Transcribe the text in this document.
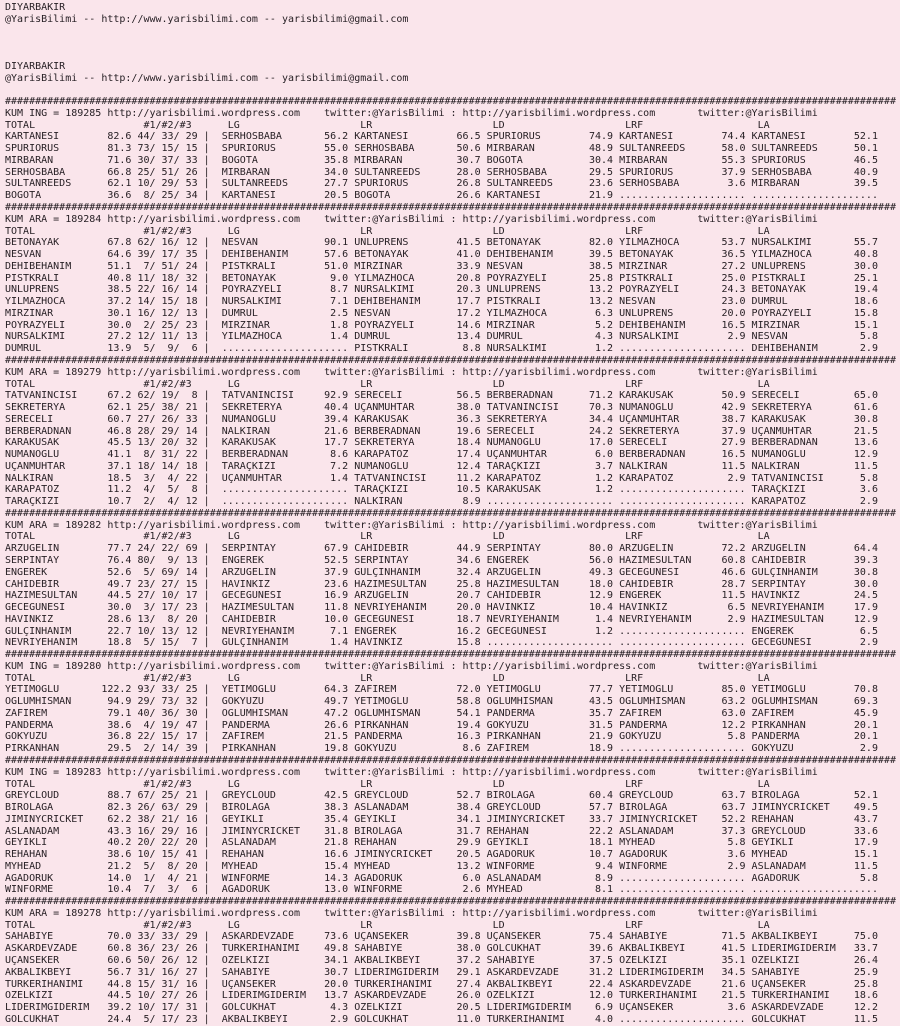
DIYARBAKIR
@YarisBilimi -- http://www.yarisbilimi.com -- yarisbilimi@gmail.com
DIYARBAKIR
@YarisBilimi -- http://www.yarisbilimi.com -- yarisbilimi@gmail.com
####################################################################################################################################################
KUM ING = 189285 http://yarisbilimi.wordpress.com    twitter:@YarisBilimi : http://yarisbilimi.wordpress.com       twitter:@YarisBilimi
TOTAL                  #1/#2/#3      LG                    LR                    LD                    LRF                   LA
KARTANESI        82.6 44/ 33/ 29 |  SERHOSBABA       56.2 KARTANESI        66.5 SPURIORUS        74.9 KARTANESI        74.4 KARTANESI        52.1
SPURIORUS        81.3 73/ 15/ 15 |  SPURIORUS        55.0 SERHOSBABA       50.6 MIRBARAN         48.9 SULTANREEDS      58.0 SULTANREEDS      50.1
MIRBARAN         71.6 30/ 37/ 33 |  BOGOTA           35.8 MIRBARAN         30.7 BOGOTA           30.4 MIRBARAN         55.3 SPURIORUS        46.5
SERHOSBABA       66.8 25/ 51/ 26 |  MIRBARAN         34.0 SULTANREEDS      28.0 SERHOSBABA       29.5 SPURIORUS        37.9 SERHOSBABA       40.9
SULTANREEDS      62.1 10/ 29/ 53 |  SULTANREEDS      27.7 SPURIORUS        26.8 SULTANREEDS      23.6 SERHOSBABA        3.6 MIRBARAN         39.5
BOGOTA           36.6  8/ 25/ 34 |  KARTANESI        20.5 BOGOTA           26.6 KARTANESI        21.9 ..................... .....................
####################################################################################################################################################
KUM ARA = 189284 http://yarisbilimi.wordpress.com    twitter:@YarisBilimi : http://yarisbilimi.wordpress.com       twitter:@YarisBilimi
TOTAL                  #1/#2/#3      LG                    LR                    LD                    LRF                   LA
BETONAYAK        67.8 62/ 16/ 12 |  NESVAN           90.1 ÜNLÜPRENS        41.5 BETONAYAK        82.0 YILMAZHOCA       53.7 NURSALKIMI       55.7
NESVAN           64.6 39/ 17/ 35 |  DEHIBEHANIM      57.6 BETONAYAK        41.0 DEHIBEHANIM      39.5 BETONAYAK        36.5 YILMAZHOCA       40.8
DEHIBEHANIM      51.1  7/ 51/ 24 |  PISTKRALI        51.0 MIRZINAR         33.9 NESVAN           38.5 MIRZINAR         27.2 ÜNLÜPRENS        30.0
PISTKRALI        40.8 11/ 18/ 32 |  BETONAYAK         9.0 YILMAZHOCA       20.8 POYRAZYELI       25.8 PISTKRALI        25.0 PISTKRALI        25.1
ÜNLÜPRENS        38.5 22/ 16/ 14 |  POYRAZYELI        8.7 NURSALKIMI       20.3 ÜNLÜPRENS        13.2 POYRAZYELI       24.3 BETONAYAK        19.4
YILMAZHOCA       37.2 14/ 15/ 18 |  NURSALKIMI        7.1 DEHIBEHANIM      17.7 PISTKRALI        13.2 NESVAN           23.0 DUMRUL           18.6
MIRZINAR         30.1 16/ 12/ 13 |  DUMRUL            2.5 NESVAN           17.2 YILMAZHOCA        6.3 ÜNLÜPRENS        20.0 POYRAZYELI       15.8
POYRAZYELI       30.0  2/ 25/ 23 |  MIRZINAR          1.8 POYRAZYELI       14.6 MIRZINAR          5.2 DEHIBEHANIM      16.5 MIRZINAR         15.1
NURSALKIMI       27.2 12/ 11/ 13 |  YILMAZHOCA        1.4 DUMRUL           13.4 DUMRUL            4.3 NURSALKIMI        2.9 NESVAN            5.8
DUMRUL           13.9  5/  9/  6 |  ..................... PISTKRALI         8.8 NURSALKIMI        1.2 ..................... DEHIBEHANIM       2.9
####################################################################################################################################################
KUM ARA = 189279 http://yarisbilimi.wordpress.com    twitter:@YarisBilimi : http://yarisbilimi.wordpress.com       twitter:@YarisBilimi
TOTAL                  #1/#2/#3      LG                    LR                    LD                    LRF                   LA
TATVANINCISI     67.2 62/ 19/  8 |  TATVANINCISI     92.9 SERECELI         56.5 BERBERADNAN      71.2 KARAKUSAK        50.9 SERECELI         65.0
SEKRETERYA       62.1 25/ 38/ 21 |  SEKRETERYA       40.4 UÇANMUHTAR       38.0 TATVANINCISI     70.3 NUMANOGLU        42.9 SEKRETERYA       61.6
SERECELI         60.7 27/ 26/ 33 |  NUMANOGLU        39.4 KARAKUSAK        36.3 SEKRETERYA       34.4 UÇANMUHTAR       38.7 KARAKUSAK        30.8
BERBERADNAN      46.8 28/ 29/ 14 |  NALKIRAN         21.6 BERBERADNAN      19.6 SERECELI         24.2 SEKRETERYA       37.9 UÇANMUHTAR       21.5
KARAKUSAK        45.5 13/ 20/ 32 |  KARAKUSAK        17.7 SEKRETERYA       18.4 NUMANOGLU        17.0 SERECELI         27.9 BERBERADNAN      13.6
NUMANOGLU        41.1  8/ 31/ 22 |  BERBERADNAN       8.6 KARAPATOZ        17.4 UÇANMUHTAR        6.0 BERBERADNAN      16.5 NUMANOGLU        12.9
UÇANMUHTAR       37.1 18/ 14/ 18 |  TARAÇKIZI         7.2 NUMANOGLU        12.4 TARAÇKIZI         3.7 NALKIRAN         11.5 NALKIRAN         11.5
NALKIRAN         18.5  3/  4/ 22 |  UÇANMUHTAR        1.4 TATVANINCISI     11.2 KARAPATOZ         1.2 KARAPATOZ         2.9 TATVANINCISI      5.8
KARAPATOZ        11.2  4/  5/  8 |  ..................... TARAÇKIZI        10.5 KARAKUSAK         1.2 ..................... TARAÇKIZI         3.6
TARAÇKIZI        10.7  2/  4/ 12 |  ..................... NALKIRAN          8.9 ..................... ..................... KARAPATOZ         2.9
####################################################################################################################################################
KUM ARA = 189282 http://yarisbilimi.wordpress.com    twitter:@YarisBilimi : http://yarisbilimi.wordpress.com       twitter:@YarisBilimi
TOTAL                  #1/#2/#3      LG                    LR                    LD                    LRF                   LA
ARZUGELIN        77.7 24/ 22/ 69 |  SERPINTAY        67.9 CAHIDEBIR        44.9 SERPINTAY        80.0 ARZUGELIN        72.2 ARZUGELIN        64.4
SERPINTAY        76.4 80/  9/ 13 |  ENGEREK          52.5 SERPINTAY        34.6 ENGEREK          56.0 HAZIMESULTAN     60.8 CAHIDEBIR        39.3
ENGEREK          52.6  5/ 69/ 14 |  ARZUGELIN        37.9 GÜLÇINHANIM      32.4 ARZUGELIN        49.3 GECEGÜNESI       46.6 GÜLÇINHANIM      30.8
CAHIDEBIR        49.7 23/ 27/ 15 |  HAVINKIZ         23.6 HAZIMESULTAN     25.8 HAZIMESULTAN     18.0 CAHIDEBIR        28.7 SERPINTAY        30.0
HAZIMESULTAN     44.5 27/ 10/ 17 |  GECEGÜNESI       16.9 ARZUGELIN        20.7 CAHIDEBIR        12.9 ENGEREK          11.5 HAVINKIZ         24.5
GECEGÜNESI       30.0  3/ 17/ 23 |  HAZIMESULTAN     11.8 NEVRIYEHANIM     20.0 HAVINKIZ         10.4 HAVINKIZ          6.5 NEVRIYEHANIM     17.9
HAVINKIZ         28.6 13/  8/ 20 |  CAHIDEBIR        10.0 GECEGÜNESI       18.7 NEVRIYEHANIM      1.4 NEVRIYEHANIM      2.9 HAZIMESULTAN     12.9
GÜLÇINHANIM      22.7 10/ 13/ 12 |  NEVRIYEHANIM      7.1 ENGEREK          16.2 GECEGÜNESI        1.2 ..................... ENGEREK           6.5
NEVRIYEHANIM     18.8  5/ 15/  7 |  GÜLÇINHANIM       1.4 HAVINKIZ         15.8 ..................... ..................... GECEGÜNESI        2.9
####################################################################################################################################################
KUM ING = 189280 http://yarisbilimi.wordpress.com    twitter:@YarisBilimi : http://yarisbilimi.wordpress.com       twitter:@YarisBilimi
TOTAL                  #1/#2/#3      LG                    LR                    LD                    LRF                   LA
YETIMOGLU       122.2 93/ 33/ 25 |  YETIMOGLU        64.3 ZAFIREM          72.0 YETIMOGLU        77.7 YETIMOGLU        85.0 YETIMOGLU        70.8
OGLUMHISMAN      94.9 29/ 73/ 32 |  GÖKYÜZÜ          49.7 YETIMOGLU        58.8 OGLUMHISMAN      43.5 OGLUMHISMAN      63.2 OGLUMHISMAN      69.3
ZAFIREM          79.1 40/ 36/ 30 |  OGLUMHISMAN      47.2 OGLUMHISMAN      54.1 PANDERMA         35.7 ZAFIREM          63.0 ZAFIREM          45.9
PANDERMA         38.6  4/ 19/ 47 |  PANDERMA         26.6 PIRKANHAN        19.4 GÖKYÜZÜ          31.5 PANDERMA         12.2 PIRKANHAN        20.1
GÖKYÜZÜ          36.8 22/ 15/ 17 |  ZAFIREM          21.5 PANDERMA         16.3 PIRKANHAN        21.9 GÖKYÜZÜ           5.8 PANDERMA         20.1
PIRKANHAN        29.5  2/ 14/ 39 |  PIRKANHAN        19.8 GÖKYÜZÜ           8.6 ZAFIREM          18.9 ..................... GÖKYÜZÜ           2.9
####################################################################################################################################################
KUM ING = 189283 http://yarisbilimi.wordpress.com    twitter:@YarisBilimi : http://yarisbilimi.wordpress.com       twitter:@YarisBilimi
TOTAL                  #1/#2/#3      LG                    LR                    LD                    LRF                   LA
GREYCLOUD        88.7 67/ 25/ 21 |  GREYCLOUD        42.5 GREYCLOUD        52.7 BIROLAGA         60.4 GREYCLOUD        63.7 BIROLAGA         52.1
BIROLAGA         82.3 26/ 63/ 29 |  BIROLAGA         38.3 ASLANADAM        38.4 GREYCLOUD        57.7 BIROLAGA         63.7 JIMINYCRICKET    49.5
JIMINYCRICKET    62.2 38/ 21/ 16 |  GEYIKLI          35.4 GEYIKLI          34.1 JIMINYCRICKET    33.7 JIMINYCRICKET    52.2 REHAHAN          43.7
ASLANADAM        43.3 16/ 29/ 16 |  JIMINYCRICKET    31.8 BIROLAGA         31.7 REHAHAN          22.2 ASLANADAM        37.3 GREYCLOUD        33.6
GEYIKLI          40.2 20/ 22/ 20 |  ASLANADAM        21.8 REHAHAN          29.9 GEYIKLI          18.1 MYHEAD            5.8 GEYIKLI          17.9
REHAHAN          38.6 10/ 15/ 41 |  REHAHAN          16.6 JIMINYCRICKET    20.5 AGADORUK         10.7 AGADORUK          3.6 MYHEAD           15.1
MYHEAD           21.2  5/  8/ 20 |  MYHEAD           15.4 MYHEAD           13.2 WINFORME          9.4 WINFORME          2.9 ASLANADAM        11.5
AGADORUK         14.0  1/  4/ 21 |  WINFORME         14.3 AGADORUK          6.0 ASLANADAM         8.9 ..................... AGADORUK          5.8
WINFORME         10.4  7/  3/  6 |  AGADORUK         13.0 WINFORME          2.6 MYHEAD            8.1 ..................... .....................
####################################################################################################################################################
KUM ARA = 189278 http://yarisbilimi.wordpress.com    twitter:@YarisBilimi : http://yarisbilimi.wordpress.com       twitter:@YarisBilimi
TOTAL                  #1/#2/#3      LG                    LR                    LD                    LRF                   LA
SAHABIYE         70.0 33/ 33/ 29 |  ASKARDEVZADE     73.6 UÇANSEKER        39.8 UÇANSEKER        75.4 SAHABIYE         71.5 AKBALIKBEYI      75.0
ASKARDEVZADE     60.8 36/ 23/ 26 |  TÜRKERIHANIMI    49.8 SAHABIYE         38.0 GÖLCÜKHAT        39.6 AKBALIKBEYI      41.5 LIDERIMGIDERIM   33.7
UÇANSEKER        60.6 50/ 26/ 12 |  ÖZELKIZI         34.1 AKBALIKBEYI      37.2 SAHABIYE         37.5 ÖZELKIZI         35.1 ÖZELKIZI         26.4
AKBALIKBEYI      56.7 31/ 16/ 27 |  SAHABIYE         30.7 LIDERIMGIDERIM   29.1 ASKARDEVZADE     31.2 LIDERIMGIDERIM   34.5 SAHABIYE         25.9
TÜRKERIHANIMI    44.8 15/ 31/ 16 |  UÇANSEKER        20.0 TÜRKERIHANIMI    27.4 AKBALIKBEYI      22.4 ASKARDEVZADE     21.6 UÇANSEKER        25.8
ÖZELKIZI         44.5 10/ 27/ 26 |  LIDERIMGIDERIM   13.7 ASKARDEVZADE     26.0 ÖZELKIZI         12.0 TÜRKERIHANIMI    21.5 TÜRKERIHANIMI    18.6
LIDERIMGIDERIM   39.2 10/ 17/ 31 |  GÖLCÜKHAT         4.3 ÖZELKIZI         20.5 LIDERIMGIDERIM    6.9 UÇANSEKER         3.6 ASKARDEVZADE     12.2
GÖLCÜKHAT        24.4  5/ 17/ 23 |  AKBALIKBEYI       2.9 GÖLCÜKHAT        11.0 TÜRKERIHANIMI     4.0 ..................... GÖLCÜKHAT        11.5
